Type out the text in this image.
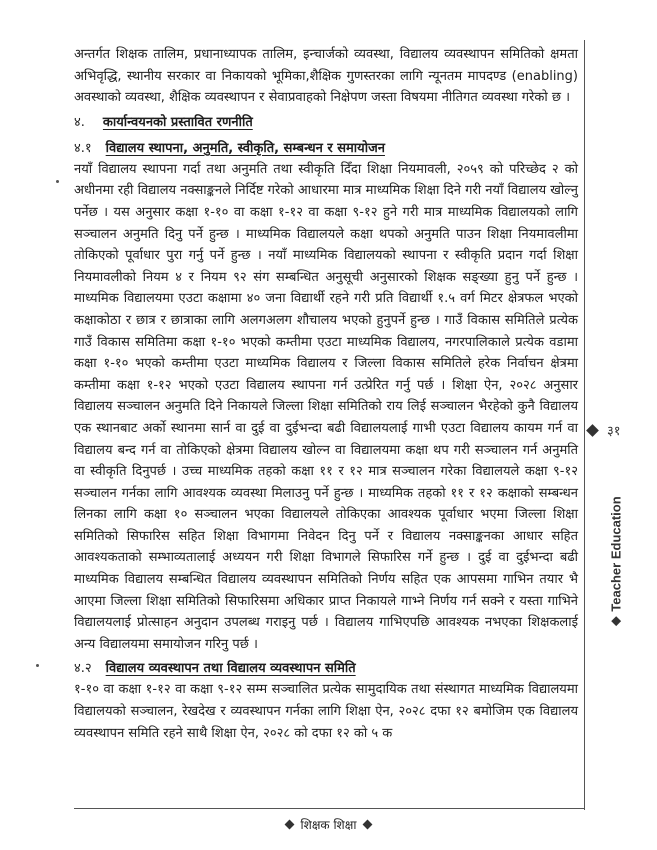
अन्तर्गत शिक्षक तालिम, प्रधानाध्यापक तालिम, इन्चार्जको व्यवस्था, विद्यालय व्यवस्थापन समितिको क्षमता अभिवृद्धि, स्थानीय सरकार वा निकायको भूमिका,शैक्षिक गुणस्तरका लागि न्यूनतम मापदण्ड (enabling) अवस्थाको व्यवस्था, शैक्षिक व्यवस्थापन र सेवाप्रवाहको निक्षेपण जस्ता विषयमा नीतिगत व्यवस्था गरेको छ ।

४. कार्यान्वयनको प्रस्तावित रणनीति
४.१ विद्यालय स्थापना, अनुमति, स्वीकृति, सम्बन्धन र समायोजन

नयाँ विद्यालय स्थापना गर्दा तथा अनुमति तथा स्वीकृति दिँदा शिक्षा नियमावली, २०५९ को परिच्छेद २ को अधीनमा रही विद्यालय नक्साङ्कनले निर्दिष्ट गरेको आधारमा मात्र माध्यमिक शिक्षा दिने गरी नयाँ विद्यालय खोल्नु पर्नेछ । यस अनुसार कक्षा १-१० वा कक्षा १-१२ वा कक्षा ९-१२ हुने गरी मात्र माध्यमिक विद्यालयको लागि सञ्चालन अनुमति दिनु पर्ने हुन्छ । माध्यमिक विद्यालयले कक्षा थपको अनुमति पाउन शिक्षा नियमावलीमा तोकिएको पूर्वाधार पुरा गर्नु पर्ने हुन्छ । नयाँ माध्यमिक विद्यालयको स्थापना र स्वीकृति प्रदान गर्दा शिक्षा नियमावलीको नियम ४ र नियम ९२ संग सम्बन्धित अनुसूची अनुसारको शिक्षक सङ्ख्या हुनु पर्ने हुन्छ । माध्यमिक विद्यालयमा एउटा कक्षामा ४० जना विद्यार्थी रहने गरी प्रति विद्यार्थी १.५ वर्ग मिटर क्षेत्रफल भएको कक्षाकोठा र छात्र र छात्राका लागि अलगअलग शौचालय भएको हुनुपर्ने हुन्छ । गाउँ विकास समितिले प्रत्येक गाउँ विकास समितिमा कक्षा १-१० भएको कम्तीमा एउटा माध्यमिक विद्यालय, नगरपालिकाले प्रत्येक वडामा कक्षा १-१० भएको कम्तीमा एउटा माध्यमिक विद्यालय र जिल्ला विकास समितिले हरेक निर्वाचन क्षेत्रमा कम्तीमा कक्षा १-१२ भएको एउटा विद्यालय स्थापना गर्न उत्प्रेरित गर्नु पर्छ । शिक्षा ऐन, २०२८ अनुसार विद्यालय सञ्चालन अनुमति दिने निकायले जिल्ला शिक्षा समितिको राय लिई सञ्चालन भैरहेको कुनै विद्यालय एक स्थानबाट अर्को स्थानमा सार्न वा दुई वा दुईभन्दा बढी विद्यालयलाई गाभी एउटा विद्यालय कायम गर्न वा विद्यालय बन्द गर्न वा तोकिएको क्षेत्रमा विद्यालय खोल्न वा विद्यालयमा कक्षा थप गरी सञ्चालन गर्न अनुमति वा स्वीकृति दिनुपर्छ । उच्च माध्यमिक तहको कक्षा ११ र १२ मात्र सञ्चालन गरेका विद्यालयले कक्षा ९-१२ सञ्चालन गर्नका लागि आवश्यक व्यवस्था मिलाउनु पर्ने हुन्छ । माध्यमिक तहको ११ र १२ कक्षाको सम्बन्धन लिनका लागि कक्षा १० सञ्चालन भएका विद्यालयले तोकिएका आवश्यक पूर्वाधार भएमा जिल्ला शिक्षा समितिको सिफारिस सहित शिक्षा विभागमा निवेदन दिनु पर्ने र विद्यालय नक्साङ्कनका आधार सहित आवश्यकताको सम्भाव्यतालाई अध्ययन गरी शिक्षा विभागले सिफारिस गर्ने हुन्छ । दुई वा दुईभन्दा बढी माध्यमिक विद्यालय सम्बन्धित विद्यालय व्यवस्थापन समितिको निर्णय सहित एक आपसमा गाभिन तयार भै आएमा जिल्ला शिक्षा समितिको सिफारिसमा अधिकार प्राप्त निकायले गाभ्ने निर्णय गर्न सक्ने र यस्ता गाभिने विद्यालयलाई प्रोत्साहन अनुदान उपलब्ध गराइनु पर्छ । विद्यालय गाभिएपछि आवश्यक नभएका शिक्षकलाई अन्य विद्यालयमा समायोजन गरिनु पर्छ ।

४.२ विद्यालय व्यवस्थापन तथा विद्यालय व्यवस्थापन समिति

१-१० वा कक्षा १-१२ वा कक्षा ९-१२ सम्म सञ्चालित प्रत्येक सामुदायिक तथा संस्थागत माध्यमिक विद्यालयमा विद्यालयको सञ्चालन, रेखदेख र व्यवस्थापन गर्नका लागि शिक्षा ऐन, २०२८ दफा १२ बमोजिम एक विद्यालय व्यवस्थापन समिति रहने साथै शिक्षा ऐन, २०२८ को दफा १२ को ५ क

३१
Teacher Education
शिक्षक शिक्षा
